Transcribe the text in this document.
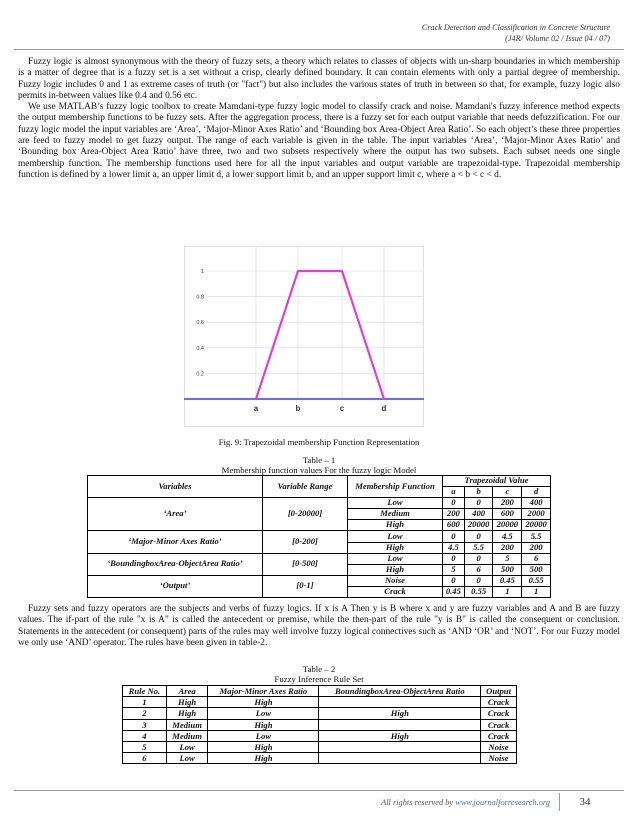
Crack Detection and Classification in Concrete Structure
(J4R/ Volume 02 / Issue 04 / 07)

Fuzzy logic is almost synonymous with the theory of fuzzy sets, a theory which relates to classes of objects with un-sharp boundaries in which membership is a matter of degree that is a fuzzy set is a set without a crisp, clearly defined boundary. It can contain elements with only a partial degree of membership. Fuzzy logic includes 0 and 1 as extreme cases of truth (or "fact") but also includes the various states of truth in between so that, for example, fuzzy logic also permits in-between values like 0.4 and 0.56 etc.

We use MATLAB’s fuzzy logic toolbox to create Mamdani-type fuzzy logic model to classify crack and noise. Mamdani's fuzzy inference method expects the output membership functions to be fuzzy sets. After the aggregation process, there is a fuzzy set for each output variable that needs defuzzification. For our fuzzy logic model the input variables are ‘Area’, ‘Major-Minor Axes Ratio’ and ‘Bounding box Area-Object Area Ratio’. So each object’s these three properties are feed to fuzzy model to get fuzzy output. The range of each variable is given in the table. The input variables ‘Area’, ‘Major-Minor Axes Ratio’ and ‘Bounding box Area-Object Area Ratio’ have three, two and two subsets respectively where the output has two subsets. Each subset needs one single membership function. The membership functions used here for all the input variables and output variable are trapezoidal-type. Trapezoidal membership function is defined by a lower limit a, an upper limit d, a lower support limit b, and an upper support limit c, where a < b < c < d.

0.2
0.4
0.6
0.8
1
a	b	c	d
Fig. 9: Trapezoidal membership Function Representation
Table – 1
Membership function values For the fuzzy logic Model
Variables	Variable Range	Membership Function	Trapezoidal Value			
			a	b	c	d
‘Area’	[0-20000]	Low	0	0	200	400
		Medium	200	400	600	2000
		High	600	20000	20000	20000
‘Major-Minor Axes Ratio’	[0-200]	Low	0	0	4.5	5.5
		High	4.5	5.5	200	200
‘BoundingboxArea-ObjectArea Ratio’	[0-500]	Low	0	0	5	6
		High	5	6	500	500
‘Output’	[0-1]	Noise	0	0	0.45	0.55
		Crack	0.45	0.55	1	1

Fuzzy sets and fuzzy operators are the subjects and verbs of fuzzy logics. If x is A Then y is B where x and y are fuzzy variables and A and B are fuzzy values. The if-part of the rule "x is A" is called the antecedent or premise, while the then-part of the rule "y is B" is called the consequent or conclusion. Statements in the antecedent (or consequent) parts of the rules may well involve fuzzy logical connectives such as ‘AND ‘OR’ and ‘NOT’. For our Fuzzy model we only use ‘AND’ operator. The rules have been given in table-2.

Table – 2
Fuzzy Inference Rule Set
Rule No.	Area	Major-Minor Axes Ratio	BoundingboxArea-ObjectArea Ratio	Output
1	High	High		Crack
2	High	Low	High	Crack
3	Medium	High		Crack
4	Medium	Low	High	Crack
5	Low	High		Noise
6	Low	High		Noise
All rights reserved by www.journalforresearch.org	34
